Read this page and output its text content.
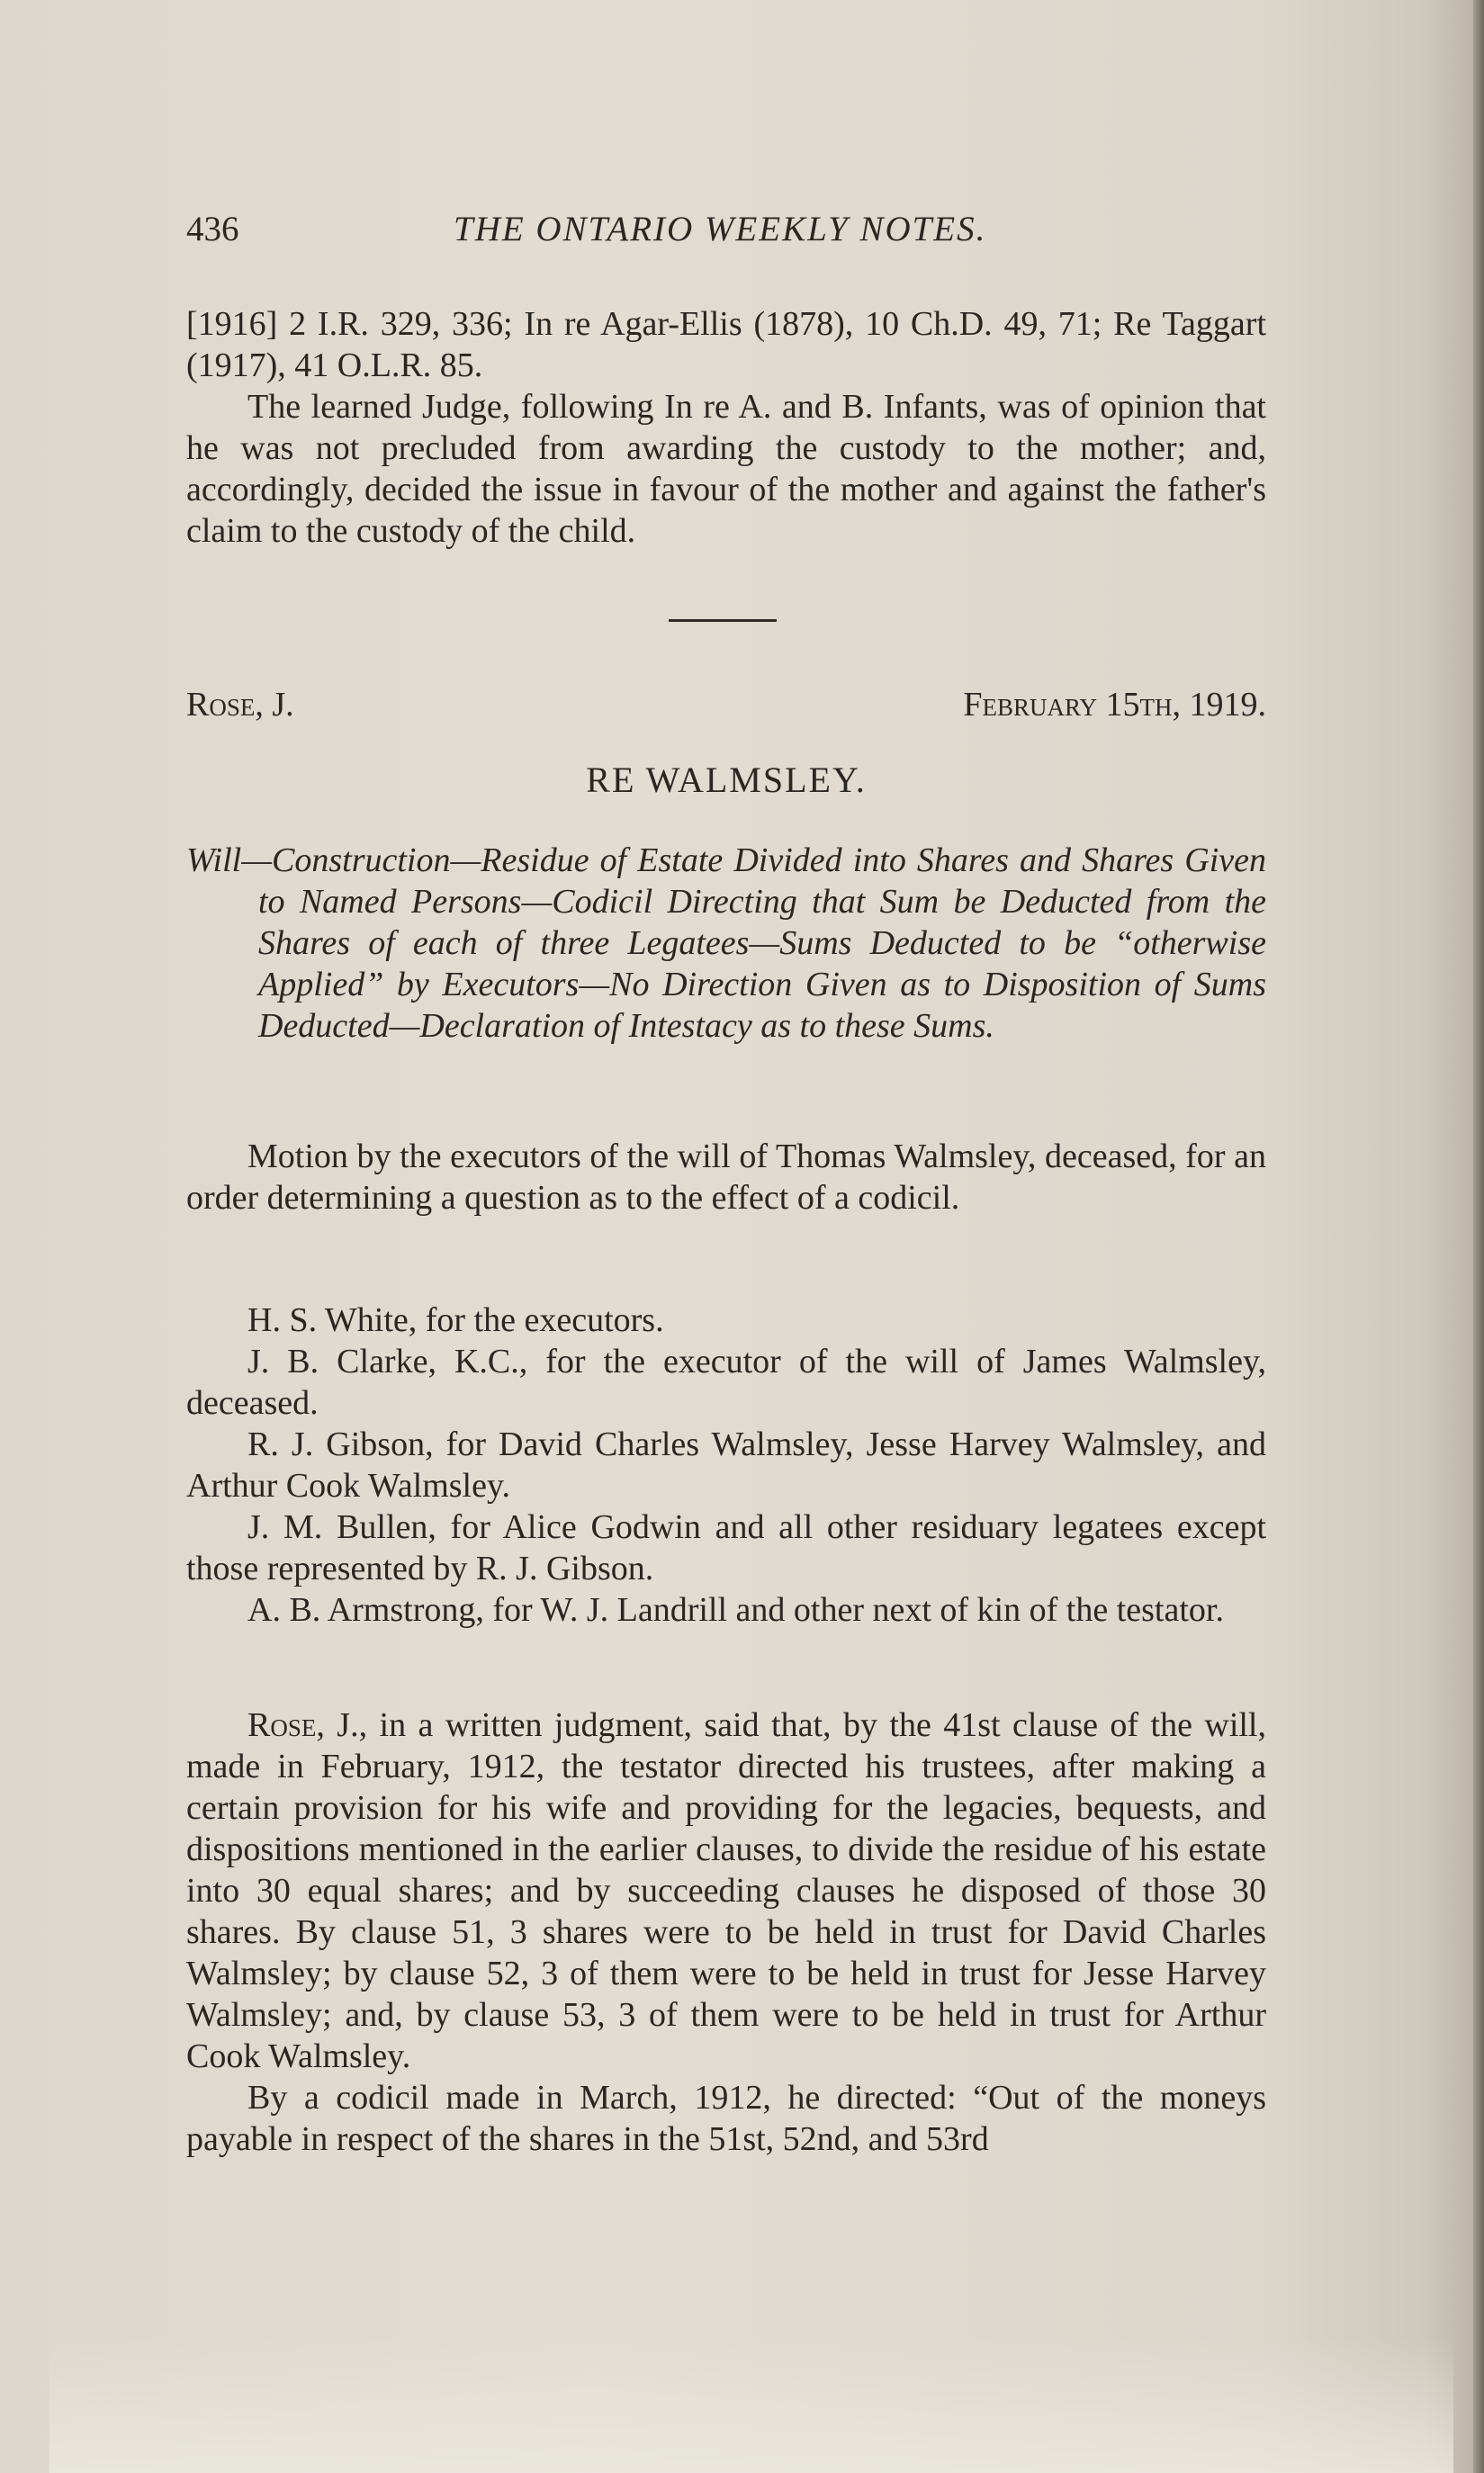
436	THE ONTARIO WEEKLY NOTES.

[1916] 2 I.R. 329, 336; In re Agar-Ellis (1878), 10 Ch.D. 49, 71; Re Taggart (1917), 41 O.L.R. 85.

The learned Judge, following In re A. and B. Infants, was of opinion that he was not precluded from awarding the custody to the mother; and, accordingly, decided the issue in favour of the mother and against the father's claim to the custody of the child.

Rose, J.	February 15th, 1919.
RE WALMSLEY.

Will—Construction—Residue of Estate Divided into Shares and Shares Given to Named Persons—Codicil Directing that Sum be Deducted from the Shares of each of three Legatees—Sums Deducted to be “otherwise Applied” by Executors—No Direction Given as to Disposition of Sums Deducted—Declaration of Intestacy as to these Sums.

Motion by the executors of the will of Thomas Walmsley, deceased, for an order determining a question as to the effect of a codicil.

H. S. White, for the executors.

J. B. Clarke, K.C., for the executor of the will of James Walmsley, deceased.

R. J. Gibson, for David Charles Walmsley, Jesse Harvey Walmsley, and Arthur Cook Walmsley.

J. M. Bullen, for Alice Godwin and all other residuary legatees except those represented by R. J. Gibson.

A. B. Armstrong, for W. J. Landrill and other next of kin of the testator.

Rose, J., in a written judgment, said that, by the 41st clause of the will, made in February, 1912, the testator directed his trustees, after making a certain provision for his wife and providing for the legacies, bequests, and dispositions mentioned in the earlier clauses, to divide the residue of his estate into 30 equal shares; and by succeeding clauses he disposed of those 30 shares. By clause 51, 3 shares were to be held in trust for David Charles Walmsley; by clause 52, 3 of them were to be held in trust for Jesse Harvey Walmsley; and, by clause 53, 3 of them were to be held in trust for Arthur Cook Walmsley.

By a codicil made in March, 1912, he directed: “Out of the moneys payable in respect of the shares in the 51st, 52nd, and 53rd
